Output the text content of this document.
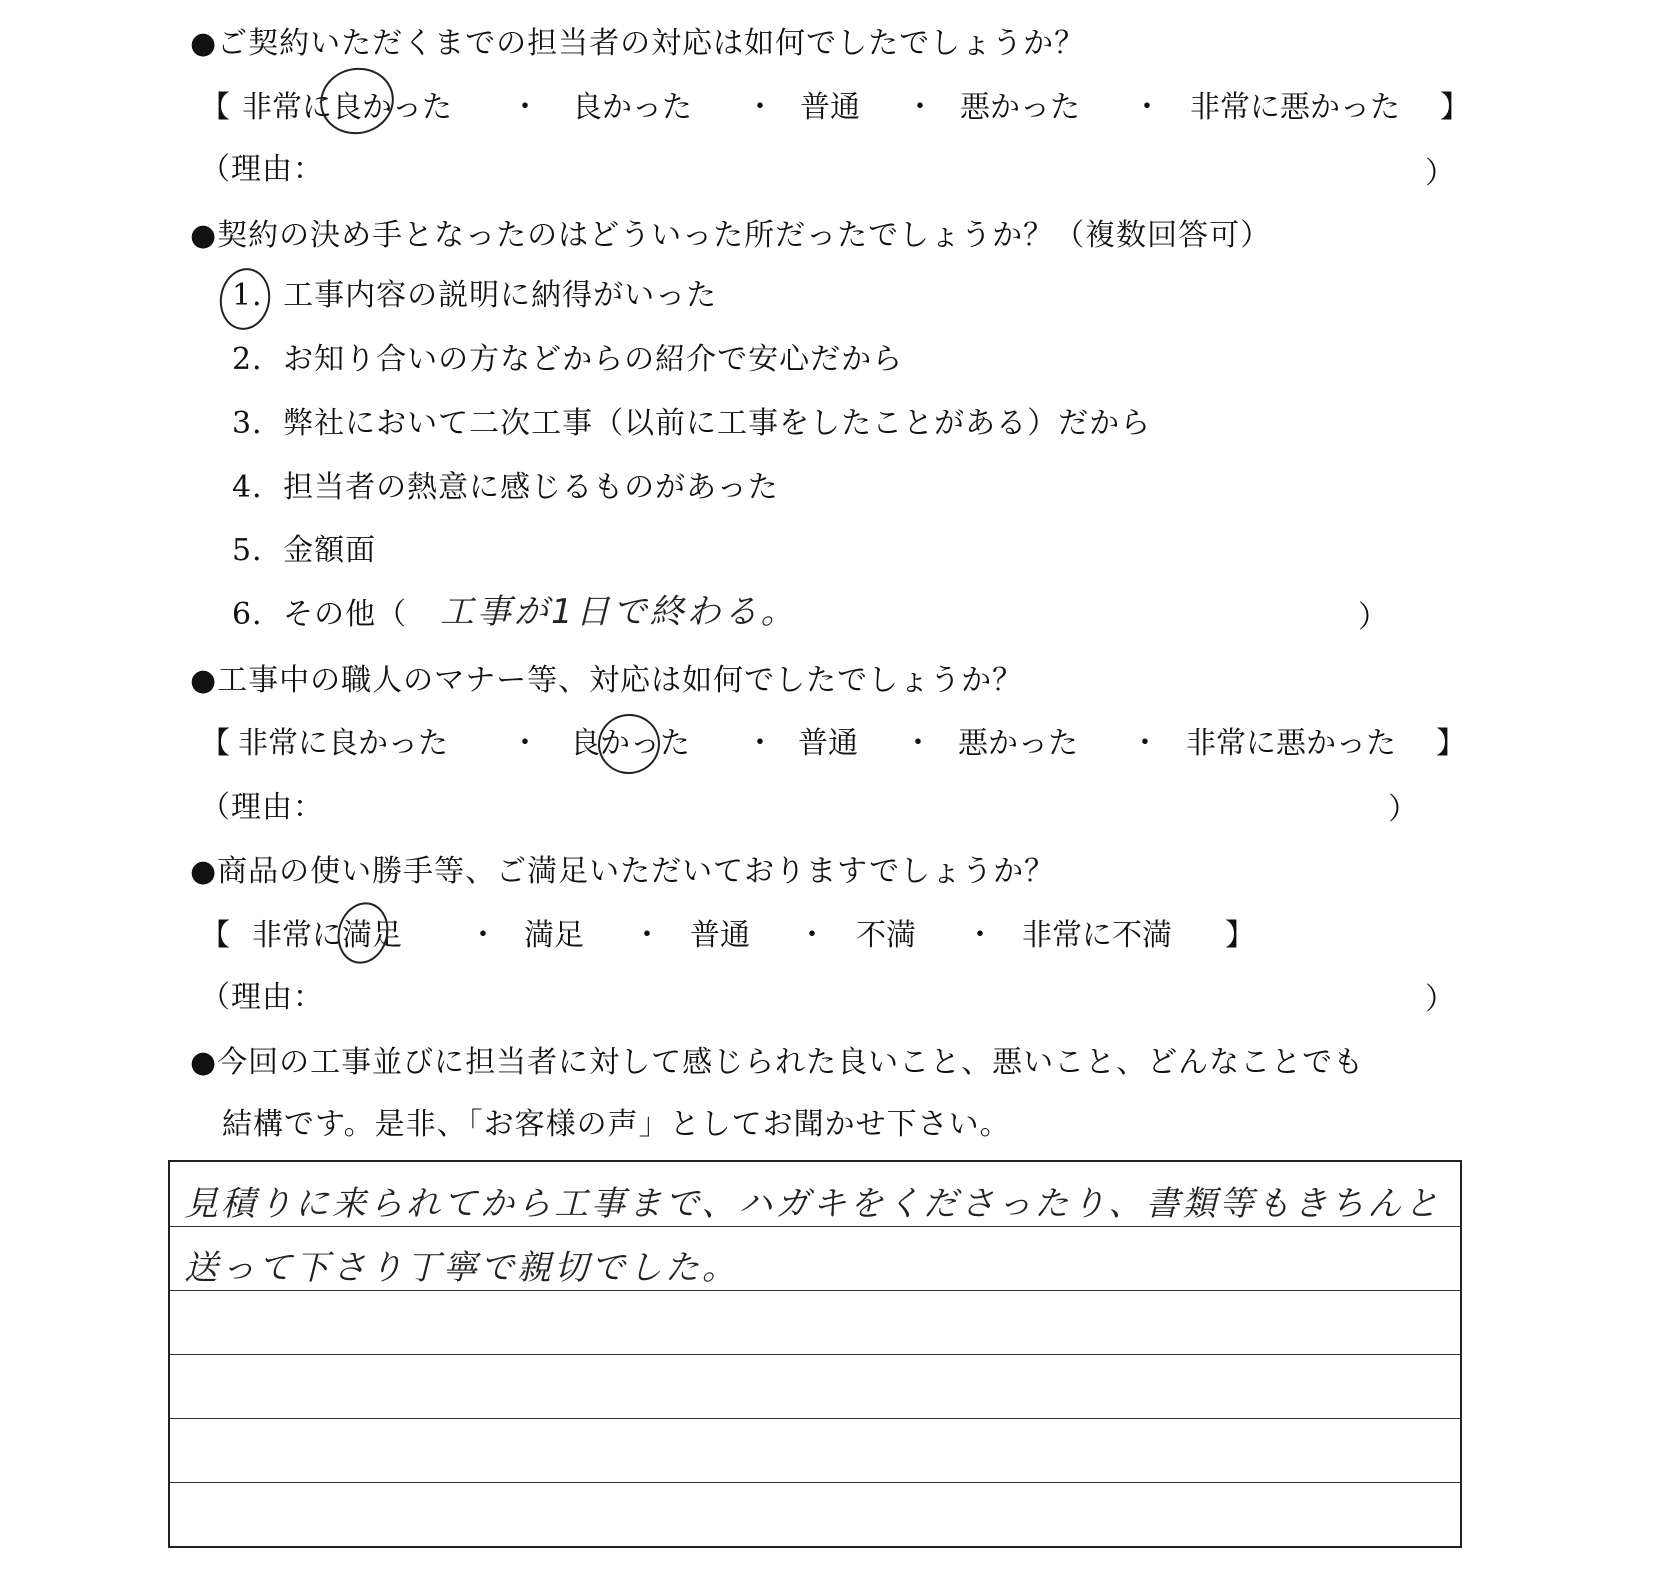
●ご契約いただくまでの担当者の対応は如何でしたでしょうか？
【 非常に良かった ・ 良かった ・ 普通 ・ 悪かった ・ 非常に悪かった 】
（理由：	）
●契約の決め手となったのはどういった所だったでしょうか？（複数回答可）
1．工事内容の説明に納得がいった
2．お知り合いの方などからの紹介で安心だから
3．弊社において二次工事（以前に工事をしたことがある）だから
4．担当者の熱意に感じるものがあった
5．金額面
6．その他（ 工事が1日で終わる。	）
●工事中の職人のマナー等、対応は如何でしたでしょうか？
【 非常に良かった ・ 良かった ・ 普通 ・ 悪かった ・ 非常に悪かった 】
（理由：	）
●商品の使い勝手等、ご満足いただいておりますでしょうか？
【 非常に満足 ・ 満足 ・ 普通 ・ 不満 ・ 非常に不満 】
（理由：	）
●今回の工事並びに担当者に対して感じられた良いこと、悪いこと、どんなことでも
結構です。是非、「お客様の声」としてお聞かせ下さい。
見積りに来られてから工事まで、ハガキをくださったり、書類等もきちんと
送って下さり丁寧で親切でした。
